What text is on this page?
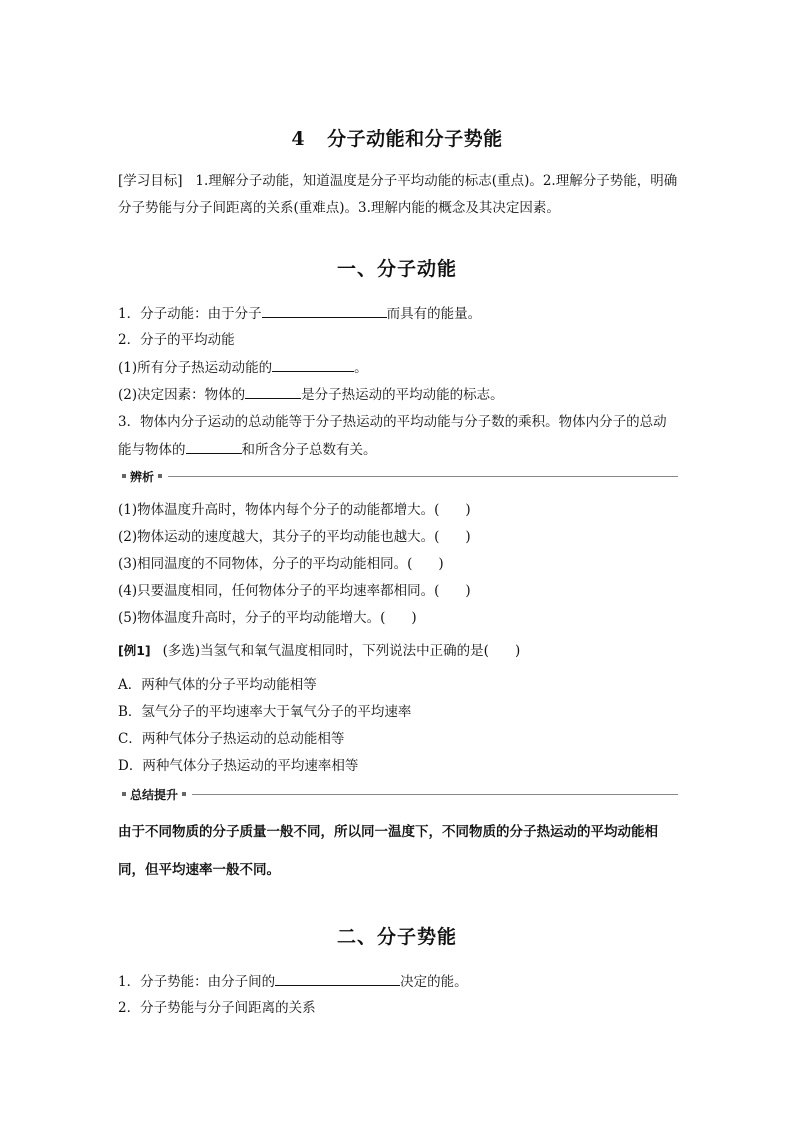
4 分子动能和分子势能
[学习目标] 1.理解分子动能，知道温度是分子平均动能的标志(重点)。2.理解分子势能，明确分子势能与分子间距离的关系(重难点)。3.理解内能的概念及其决定因素。
一、分子动能
1．分子动能：由于分子	而具有的能量。
2．分子的平均动能
(1)所有分子热运动动能的	。
(2)决定因素：物体的	是分子热运动的平均动能的标志。
3．物体内分子运动的总动能等于分子热运动的平均动能与分子数的乘积。物体内分子的总动
能与物体的	和所含分子总数有关。
辨析
(1)物体温度升高时，物体内每个分子的动能都增大。( )
(2)物体运动的速度越大，其分子的平均动能也越大。( )
(3)相同温度的不同物体，分子的平均动能相同。( )
(4)只要温度相同，任何物体分子的平均速率都相同。( )
(5)物体温度升高时，分子的平均动能增大。( )
[例1] (多选)当氢气和氧气温度相同时，下列说法中正确的是( )
A．两种气体的分子平均动能相等
B．氢气分子的平均速率大于氧气分子的平均速率
C．两种气体分子热运动的总动能相等
D．两种气体分子热运动的平均速率相等
总结提升
由于不同物质的分子质量一般不同，所以同一温度下，不同物质的分子热运动的平均动能相
同，但平均速率一般不同。
二、分子势能
1．分子势能：由分子间的	决定的能。
2．分子势能与分子间距离的关系
